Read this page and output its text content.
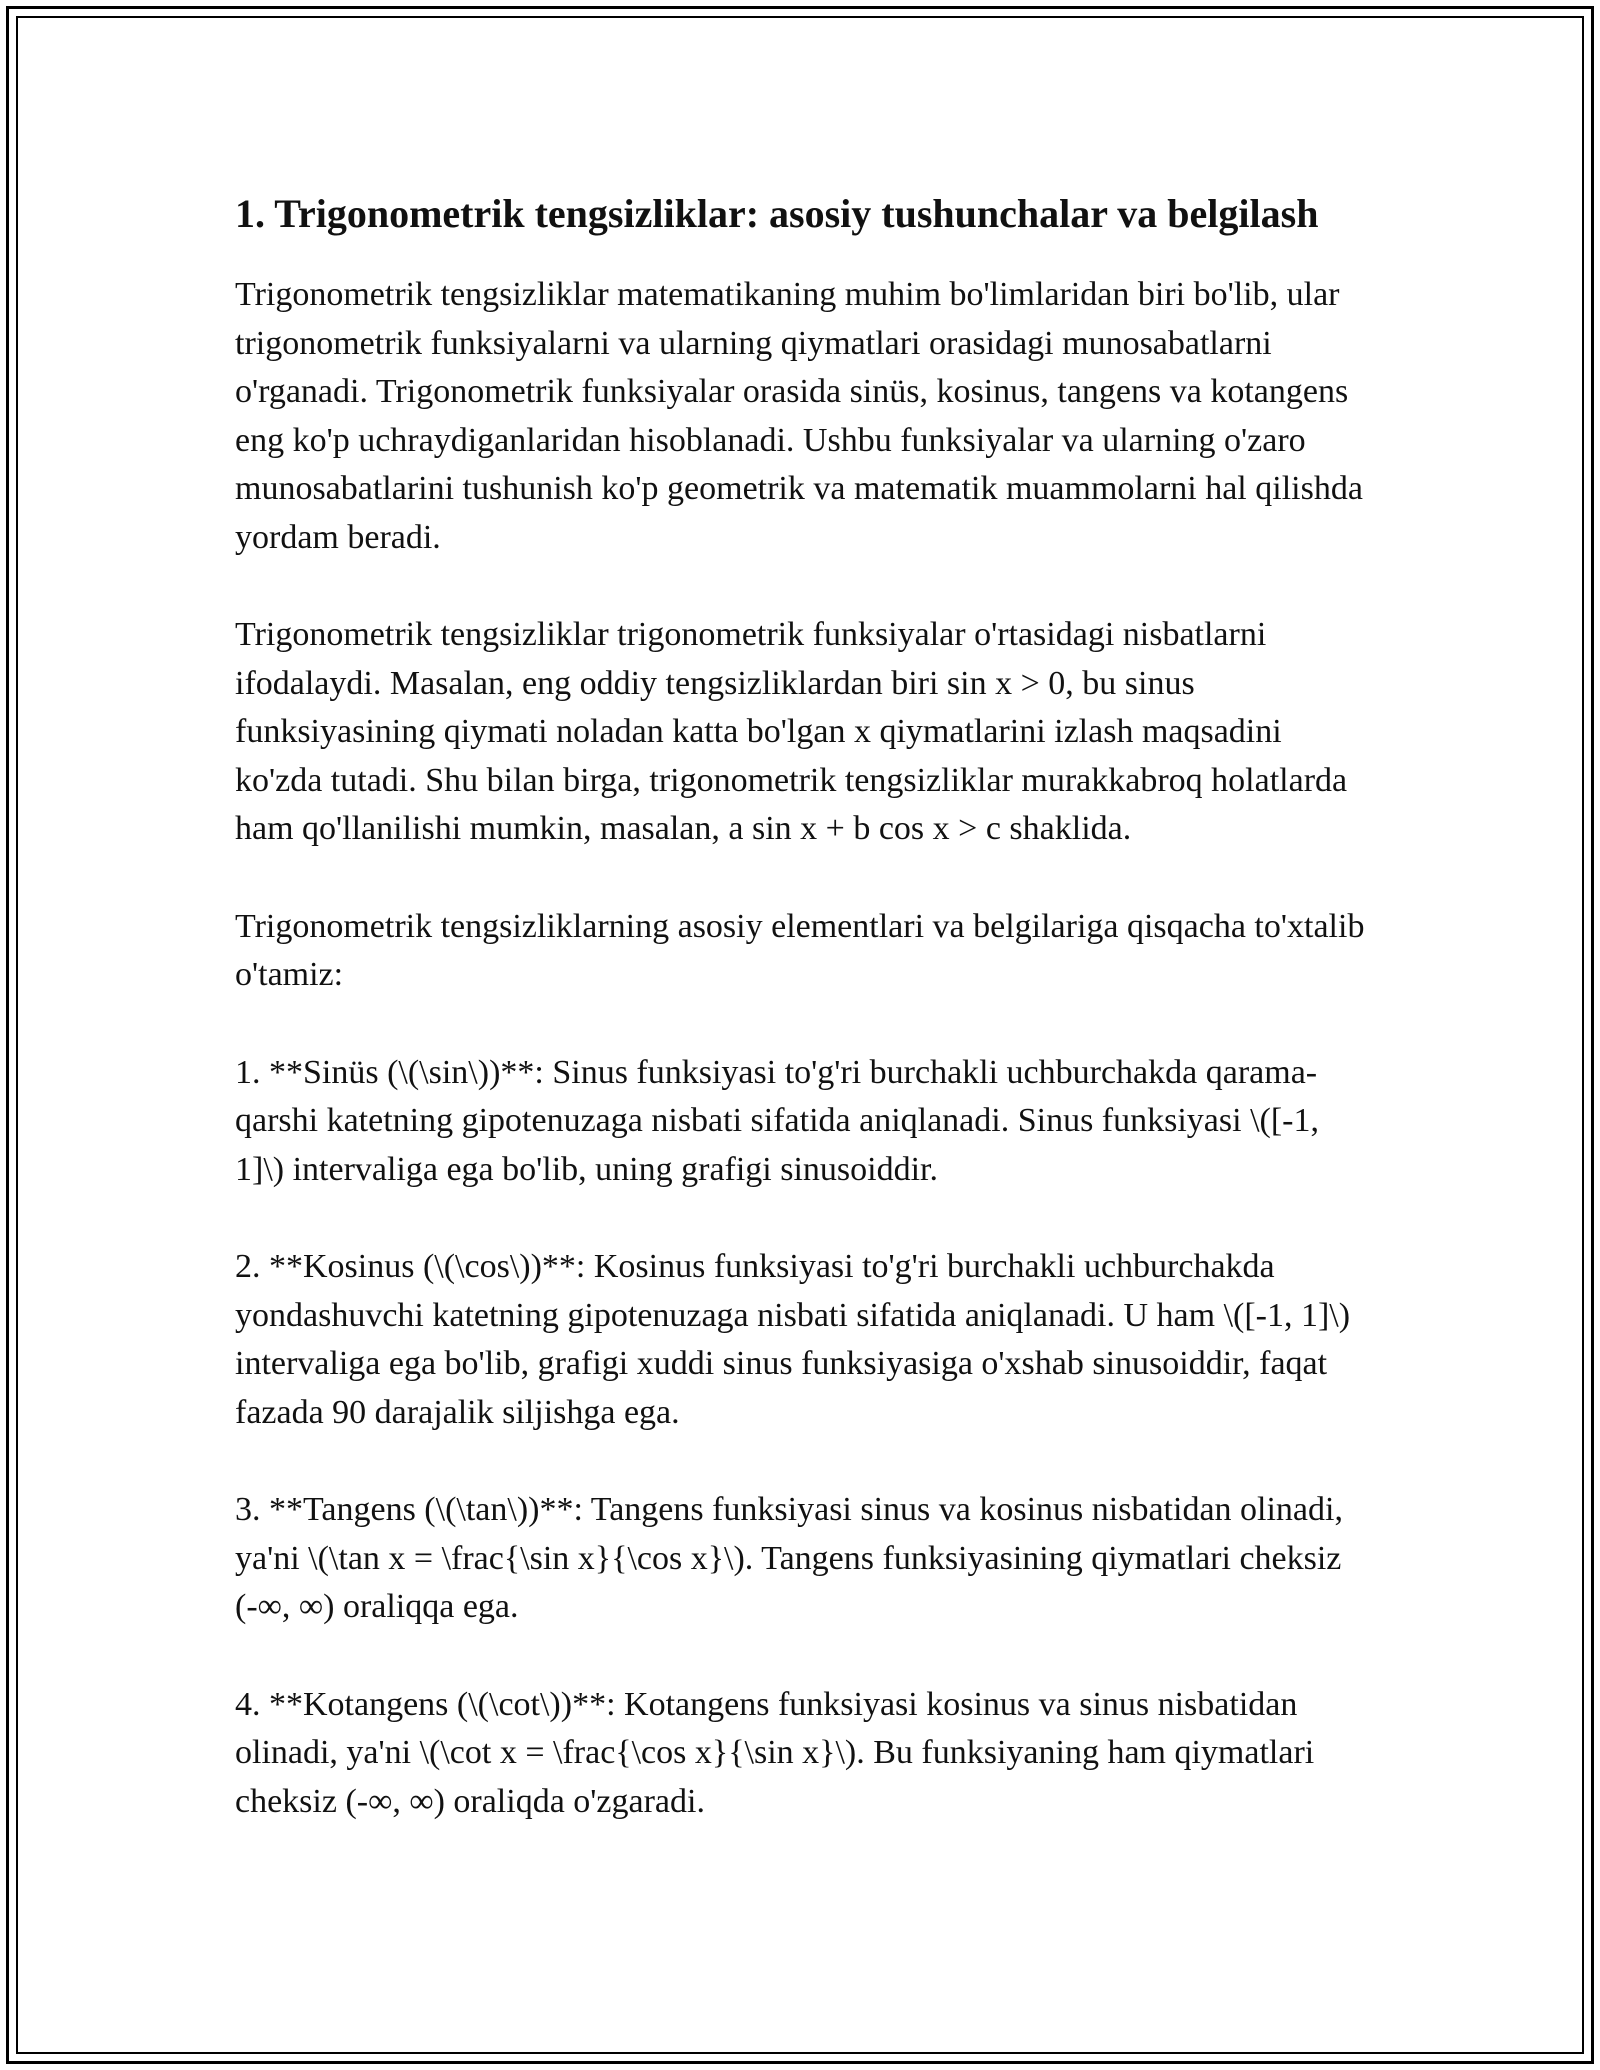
1. Trigonometrik tengsizliklar: asosiy tushunchalar va belgilash

Trigonometrik tengsizliklar matematikaning muhim bo'limlaridan biri bo'lib, ular trigonometrik funksiyalarni va ularning qiymatlari orasidagi munosabatlarni o'rganadi. Trigonometrik funksiyalar orasida sinüs, kosinus, tangens va kotangens eng ko'p uchraydiganlaridan hisoblanadi. Ushbu funksiyalar va ularning o'zaro munosabatlarini tushunish ko'p geometrik va matematik muammolarni hal qilishda yordam beradi.

Trigonometrik tengsizliklar trigonometrik funksiyalar o'rtasidagi nisbatlarni ifodalaydi. Masalan, eng oddiy tengsizliklardan biri sin x > 0, bu sinus funksiyasining qiymati noladan katta bo'lgan x qiymatlarini izlash maqsadini ko'zda tutadi. Shu bilan birga, trigonometrik tengsizliklar murakkabroq holatlarda ham qo'llanilishi mumkin, masalan, a sin x + b cos x > c shaklida.

Trigonometrik tengsizliklarning asosiy elementlari va belgilariga qisqacha to'xtalib o'tamiz:

1. **Sinüs (\(\sin\))**: Sinus funksiyasi to'g'ri burchakli uchburchakda qarama-qarshi katetning gipotenuzaga nisbati sifatida aniqlanadi. Sinus funksiyasi \([-1, 1]\) intervaliga ega bo'lib, uning grafigi sinusoiddir.

2. **Kosinus (\(\cos\))**: Kosinus funksiyasi to'g'ri burchakli uchburchakda yondashuvchi katetning gipotenuzaga nisbati sifatida aniqlanadi. U ham \([-1, 1]\) intervaliga ega bo'lib, grafigi xuddi sinus funksiyasiga o'xshab sinusoiddir, faqat fazada 90 darajalik siljishga ega.

3. **Tangens (\(\tan\))**: Tangens funksiyasi sinus va kosinus nisbatidan olinadi, ya'ni \(\tan x = \frac{\sin x}{\cos x}\). Tangens funksiyasining qiymatlari cheksiz (-∞, ∞) oraliqqa ega.

4. **Kotangens (\(\cot\))**: Kotangens funksiyasi kosinus va sinus nisbatidan olinadi, ya'ni \(\cot x = \frac{\cos x}{\sin x}\). Bu funksiyaning ham qiymatlari cheksiz (-∞, ∞) oraliqda o'zgaradi.
